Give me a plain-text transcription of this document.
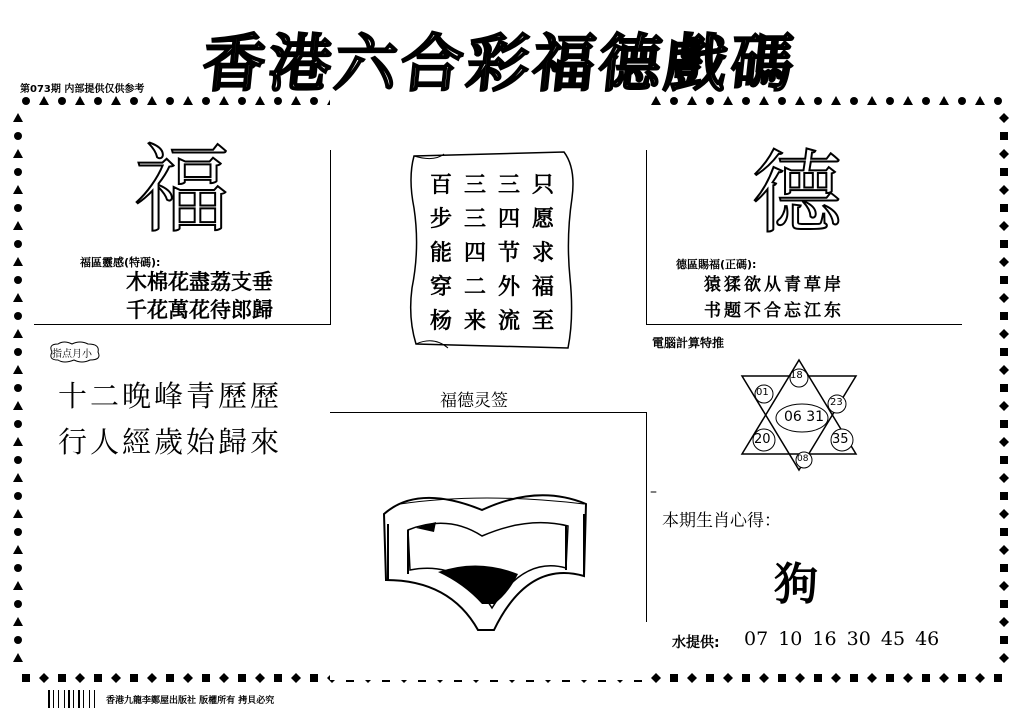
香港六合彩福德戲碼
第073期 内部提供仅供参考
福
福區靈感(特碼):
木棉花盡荔支垂
千花萬花待郎歸
指点月小
十二晚峰青歷歷
行人經歲始歸來
只愿求福至
三四节外流
三三四二来
百步能穿杨
福德灵签
德
德區賜福(正碼):
猿猱欲从青草岸
书题不合忘江东
電腦計算特推
18
01
23
20	35
08
06 31
–
本期生肖心得：
狗
水提供: 07 10 16 30 45 46
香港九龍李鄭屋出版社 版權所有 拷貝必究
